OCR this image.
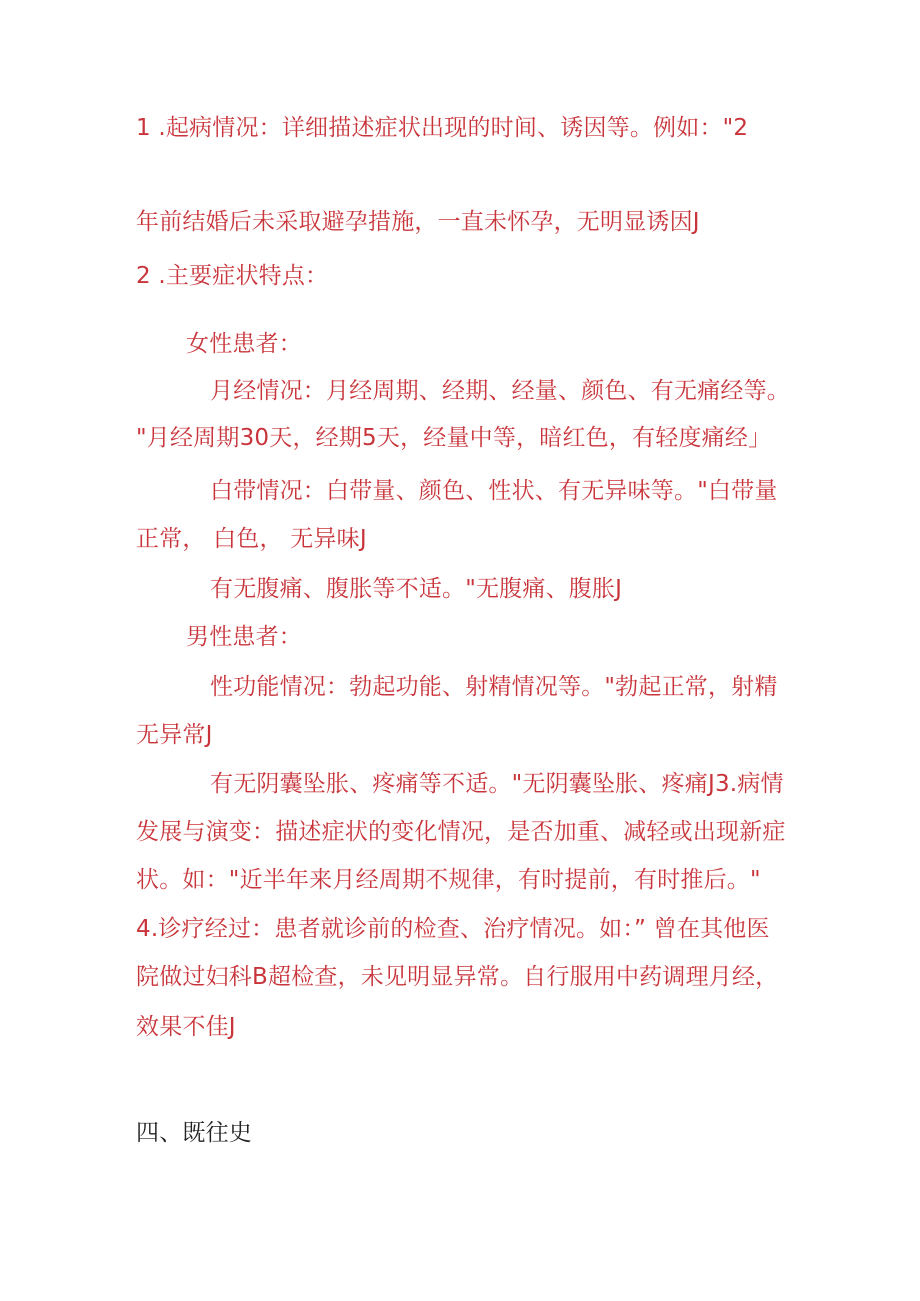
1 .起病情况：详细描述症状出现的时间、诱因等。例如："2
年前结婚后未采取避孕措施，一直未怀孕，无明显诱因J
2 .主要症状特点：
女性患者：
月经情况：月经周期、经期、经量、颜色、有无痛经等。
"月经周期30天，经期5天，经量中等，暗红色，有轻度痛经」
白带情况：白带量、颜色、性状、有无异味等。"白带量
正常， 白色， 无异味J
有无腹痛、腹胀等不适。"无腹痛、腹胀J
男性患者：
性功能情况：勃起功能、射精情况等。"勃起正常，射精
无异常J
有无阴囊坠胀、疼痛等不适。"无阴囊坠胀、疼痛J3.病情
发展与演变：描述症状的变化情况，是否加重、减轻或出现新症
状。如："近半年来月经周期不规律，有时提前，有时推后。"
4.诊疗经过：患者就诊前的检查、治疗情况。如：” 曾在其他医
院做过妇科B超检查，未见明显异常。自行服用中药调理月经，
效果不佳J
四、既往史
